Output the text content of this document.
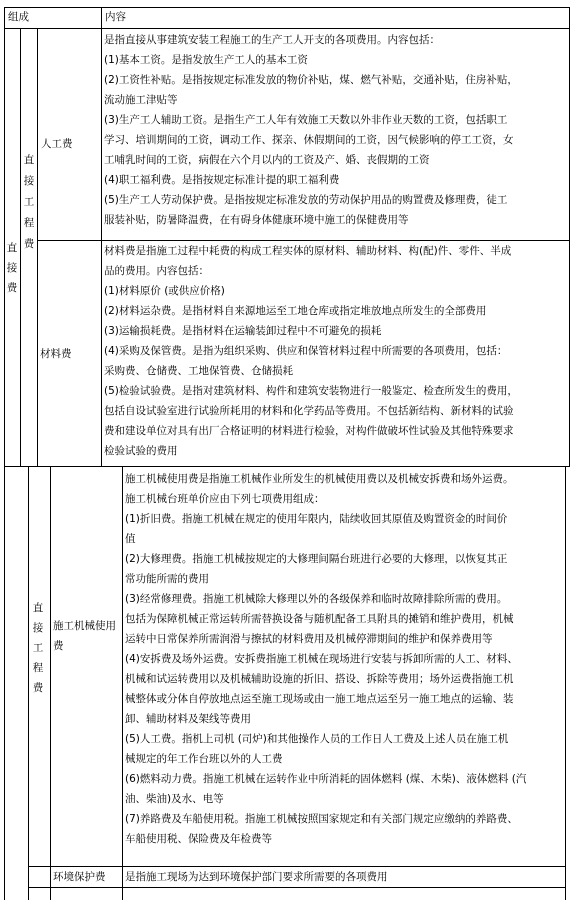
组成	内容
直接费
直接工程费
人工费
是指直接从事建筑安装工程施工的生产工人开支的各项费用。内容包括：
(1)基本工资。是指发放生产工人的基本工资
(2)工资性补贴。是指按规定标准发放的物价补贴，煤、燃气补贴，交通补贴，住房补贴，
流动施工津贴等
(3)生产工人辅助工资。是指生产工人年有效施工天数以外非作业天数的工资，包括职工
学习、培训期间的工资，调动工作、探亲、休假期间的工资，因气候影响的停工工资，女
工哺乳时间的工资，病假在六个月以内的工资及产、婚、丧假期的工资
(4)职工福利费。是指按规定标准计提的职工福利费
(5)生产工人劳动保护费。是指按规定标准发放的劳动保护用品的购置费及修理费，徒工
服装补贴，防暑降温费，在有碍身体健康环境中施工的保健费用等
材料费
材料费是指施工过程中耗费的构成工程实体的原材料、辅助材料、构(配)件、零件、半成
品的费用。内容包括：
(1)材料原价 (或供应价格)
(2)材料运杂费。是指材料自来源地运至工地仓库或指定堆放地点所发生的全部费用
(3)运输损耗费。是指材料在运输装卸过程中不可避免的损耗
(4)采购及保管费。是指为组织采购、供应和保管材料过程中所需要的各项费用，包括：
采购费、仓储费、工地保管费、仓储损耗
(5)检验试验费。是指对建筑材料、构件和建筑安装物进行一般鉴定、检查所发生的费用，
包括自设试验室进行试验所耗用的材料和化学药品等费用。不包括新结构、新材料的试验
费和建设单位对具有出厂合格证明的材料进行检验，对构件做破坏性试验及其他特殊要求
检验试验的费用
直接工程费
施工机械使用费
施工机械使用费是指施工机械作业所发生的机械使用费以及机械安拆费和场外运费。
施工机械台班单价应由下列七项费用组成：
(1)折旧费。指施工机械在规定的使用年限内，陆续收回其原值及购置资金的时间价
值
(2)大修理费。指施工机械按规定的大修理间隔台班进行必要的大修理，以恢复其正
常功能所需的费用
(3)经常修理费。指施工机械除大修理以外的各级保养和临时故障排除所需的费用。
包括为保障机械正常运转所需替换设备与随机配备工具附具的摊销和维护费用，机械
运转中日常保养所需润滑与擦拭的材料费用及机械停滞期间的维护和保养费用等
(4)安拆费及场外运费。安拆费指施工机械在现场进行安装与拆卸所需的人工、材料、
机械和试运转费用以及机械辅助设施的折旧、搭设、拆除等费用；场外运费指施工机
械整体或分体自停放地点运至施工现场或由一施工地点运至另一施工地点的运输、装
卸、辅助材料及架线等费用
(5)人工费。指机上司机 (司炉)和其他操作人员的工作日人工费及上述人员在施工机
械规定的年工作台班以外的人工费
(6)燃料动力费。指施工机械在运转作业中所消耗的固体燃料 (煤、木柴)、液体燃料 (汽
油、柴油)及水、电等
(7)养路费及车船使用税。指施工机械按照国家规定和有关部门规定应缴纳的养路费、
车船使用税、保险费及年检费等
环境保护费 是指施工现场为达到环境保护部门要求所需要的各项费用
